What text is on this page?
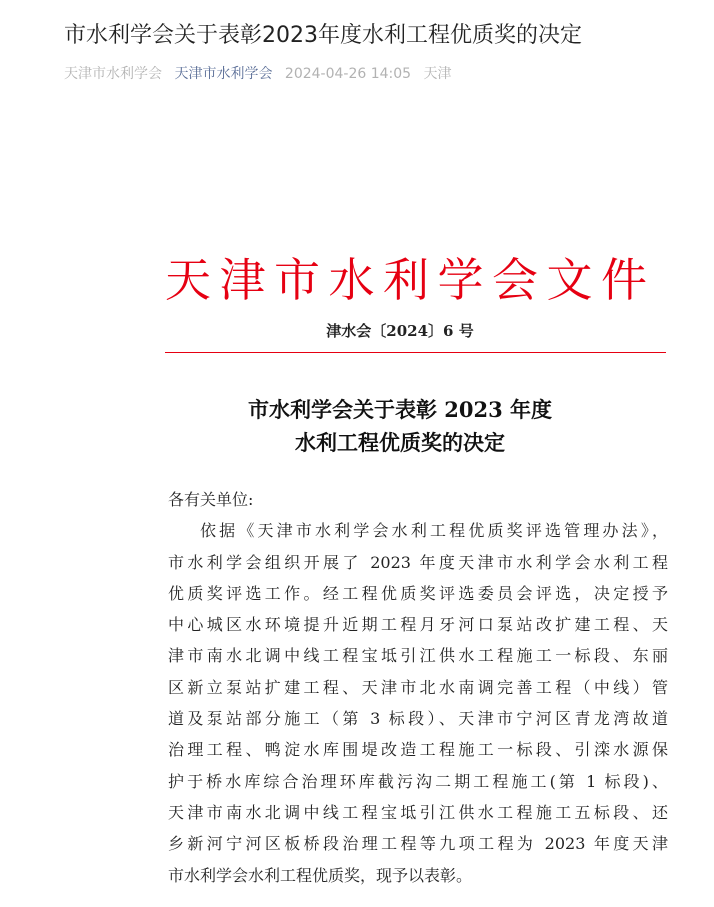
市水利学会关于表彰2023年度水利工程优质奖的决定
天津市水利学会 天津市水利学会 2024-04-26 14:05 天津
天津市水利学会文件
津水会〔2024〕6 号
市水利学会关于表彰 2023 年度
水利工程优质奖的决定
各有关单位:
依据《天津市水利学会水利工程优质奖评选管理办法》，
市水利学会组织开展了 2023 年度天津市水利学会水利工程
优质奖评选工作。经工程优质奖评选委员会评选，决定授予
中心城区水环境提升近期工程月牙河口泵站改扩建工程、天
津市南水北调中线工程宝坻引江供水工程施工一标段、东丽
区新立泵站扩建工程、天津市北水南调完善工程（中线）管
道及泵站部分施工（第 3 标段）、天津市宁河区青龙湾故道
治理工程、鸭淀水库围堤改造工程施工一标段、引滦水源保
护于桥水库综合治理环库截污沟二期工程施工(第 1 标段)、
天津市南水北调中线工程宝坻引江供水工程施工五标段、还
乡新河宁河区板桥段治理工程等九项工程为 2023 年度天津
市水利学会水利工程优质奖，现予以表彰。
